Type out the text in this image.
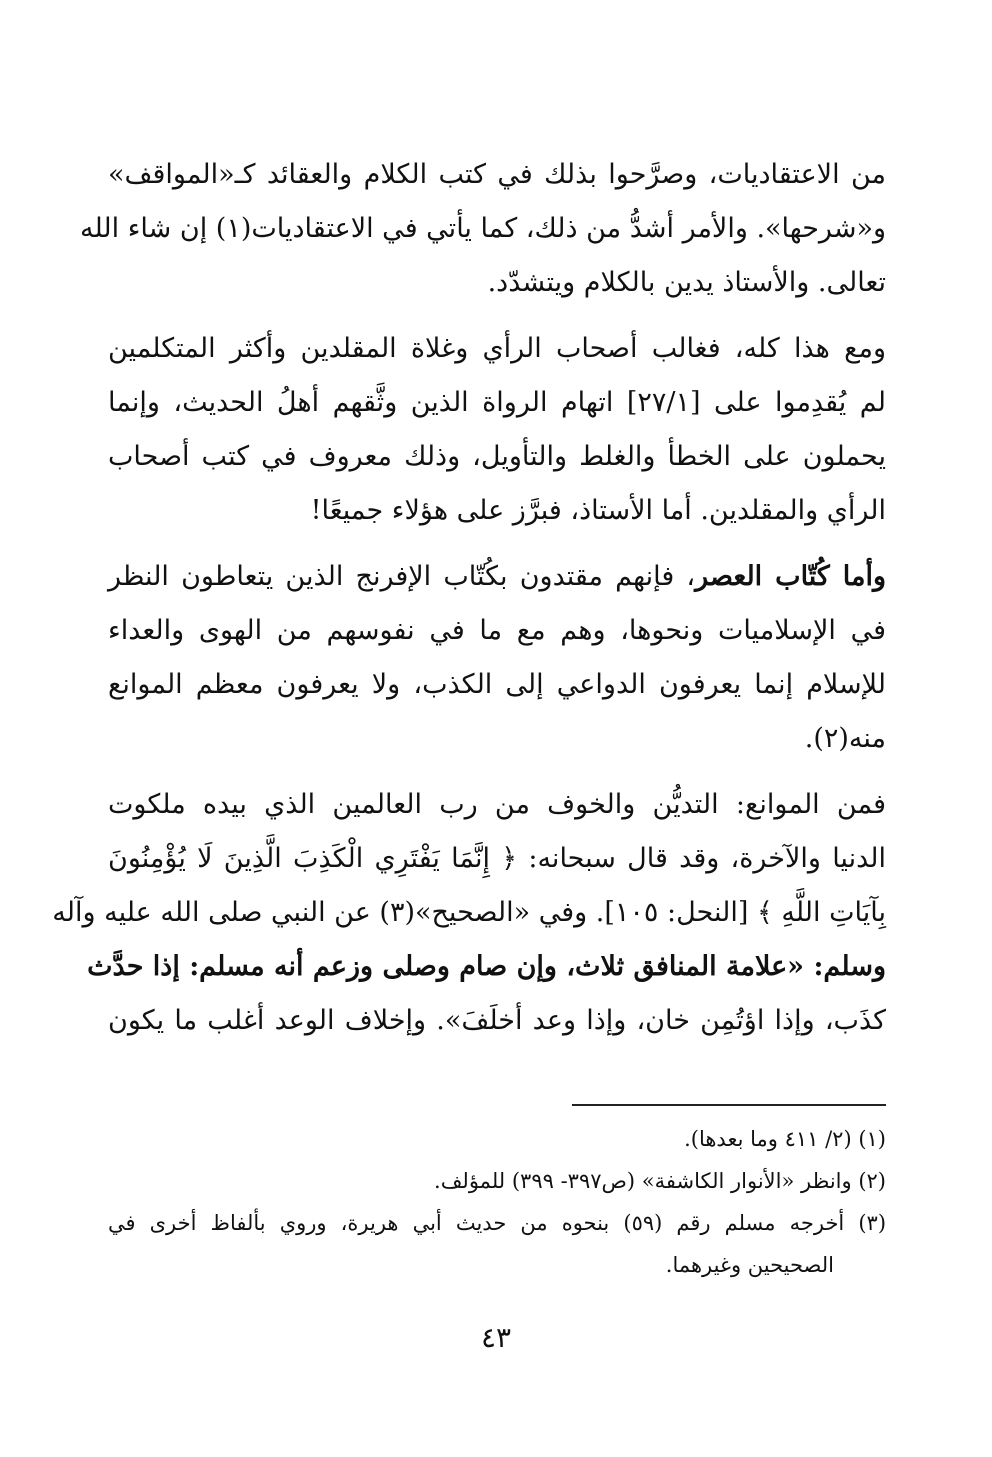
من الاعتقاديات، وصرَّحوا بذلك في كتب الكلام والعقائد كـ«المواقف»
و«شرحها». والأمر أشدُّ من ذلك، كما يأتي في الاعتقاديات(١) إن شاء الله
تعالى. والأستاذ يدين بالكلام ويتشدّد.
ومع هذا كله، فغالب أصحاب الرأي وغلاة المقلدين وأكثر المتكلمين
لم يُقدِموا على [٢٧/١] اتهام الرواة الذين وثَّقهم أهلُ الحديث، وإنما
يحملون على الخطأ والغلط والتأويل، وذلك معروف في كتب أصحاب
الرأي والمقلدين. أما الأستاذ، فبرَّز على هؤلاء جميعًا!
وأما كُتّاب العصر، فإنهم مقتدون بكُتّاب الإفرنج الذين يتعاطون النظر
في الإسلاميات ونحوها، وهم مع ما في نفوسهم من الهوى والعداء
للإسلام إنما يعرفون الدواعي إلى الكذب، ولا يعرفون معظم الموانع
منه(٢).
فمن الموانع: التديُّن والخوف من رب العالمين الذي بيده ملكوت
الدنيا والآخرة، وقد قال سبحانه: ﴿ إِنَّمَا يَفْتَرِي الْكَذِبَ الَّذِينَ لَا يُؤْمِنُونَ
بِآيَاتِ اللَّهِ ﴾ [النحل: ١٠٥]. وفي «الصحيح»(٣) عن النبي صلى الله عليه وآله
وسلم: «علامة المنافق ثلاث، وإن صام وصلى وزعم أنه مسلم: إذا حدَّث
كذَب، وإذا اؤتُمِن خان، وإذا وعد أخلَفَ». وإخلاف الوعد أغلب ما يكون
(١) (٢/ ٤١١ وما بعدها).
(٢) وانظر «الأنوار الكاشفة» (ص٣٩٧- ٣٩٩) للمؤلف.
(٣) أخرجه مسلم رقم (٥٩) بنحوه من حديث أبي هريرة، وروي بألفاظ أخرى في
الصحيحين وغيرهما.
٤٣
